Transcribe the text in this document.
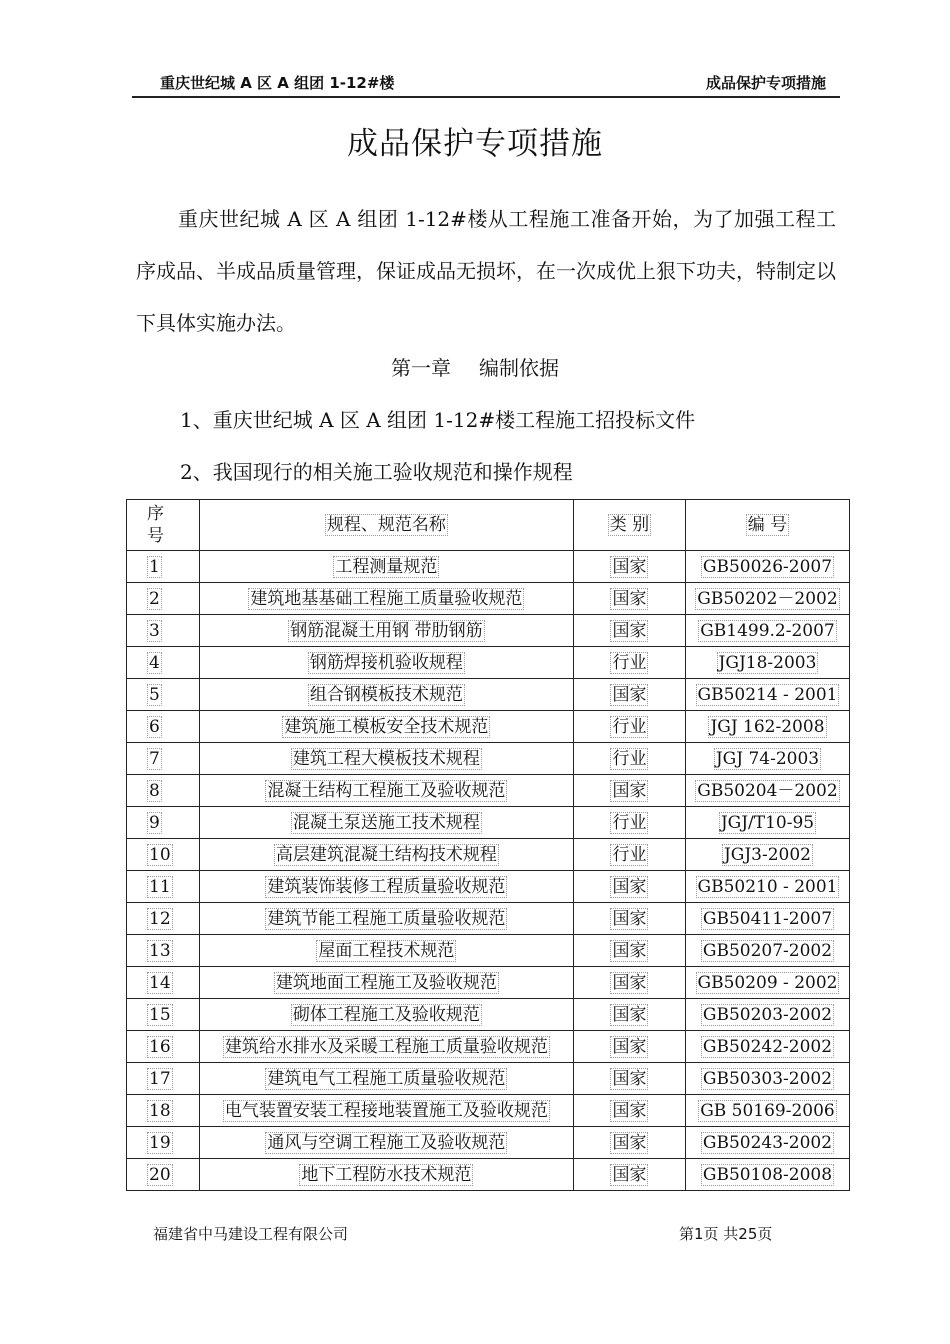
重庆世纪城 A 区 A 组团 1-12#楼	成品保护专项措施
成品保护专项措施

重庆世纪城 A 区 A 组团 1-12#楼从工程施工准备开始，为了加强工程工序成品、半成品质量管理，保证成品无损坏，在一次成优上狠下功夫，特制定以下具体实施办法。

第一章 编制依据
1、重庆世纪城 A 区 A 组团 1-12#楼工程施工招投标文件
2、我国现行的相关施工验收规范和操作规程
序号	规程、规范名称	类 别	编 号
1	工程测量规范	国家	GB50026-2007
2	建筑地基基础工程施工质量验收规范	国家	GB50202－2002
3	钢筋混凝土用钢 带肋钢筋	国家	GB1499.2-2007
4	钢筋焊接机验收规程	行业	JGJ18-2003
5	组合钢模板技术规范	国家	GB50214 - 2001
6	建筑施工模板安全技术规范	行业	JGJ 162-2008
7	建筑工程大模板技术规程	行业	JGJ 74-2003
8	混凝土结构工程施工及验收规范	国家	GB50204－2002
9	混凝土泵送施工技术规程	行业	JGJ/T10-95
10	高层建筑混凝土结构技术规程	行业	JGJ3-2002
11	建筑装饰装修工程质量验收规范	国家	GB50210 - 2001
12	建筑节能工程施工质量验收规范	国家	GB50411-2007
13	屋面工程技术规范	国家	GB50207-2002
14	建筑地面工程施工及验收规范	国家	GB50209 - 2002
15	砌体工程施工及验收规范	国家	GB50203-2002
16	建筑给水排水及采暖工程施工质量验收规范	国家	GB50242-2002
17	建筑电气工程施工质量验收规范	国家	GB50303-2002
18	电气装置安装工程接地装置施工及验收规范	国家	GB 50169-2006
19	通风与空调工程施工及验收规范	国家	GB50243-2002
20	地下工程防水技术规范	国家	GB50108-2008
福建省中马建设工程有限公司	第1页 共25页
